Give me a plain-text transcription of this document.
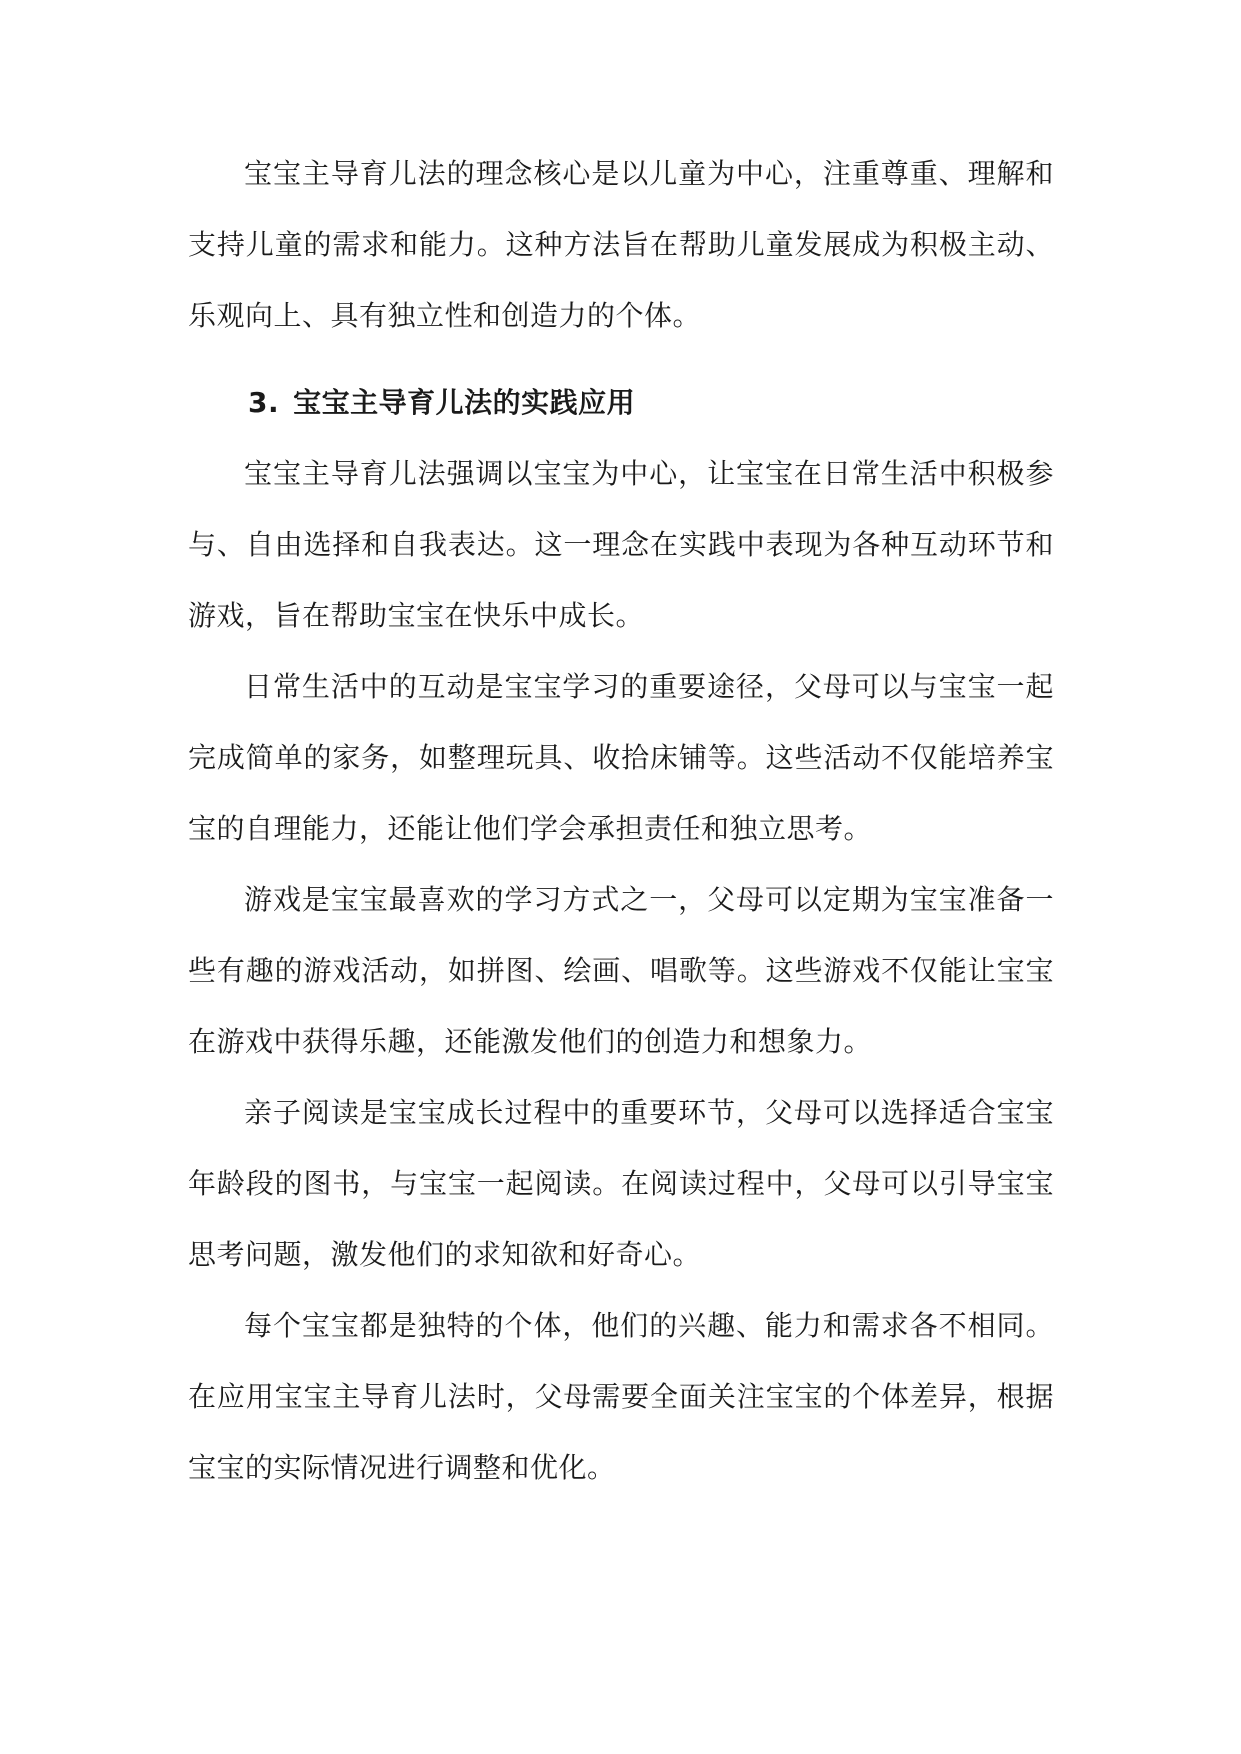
宝宝主导育儿法的理念核心是以儿童为中心，注重尊重、理解和支持儿童的需求和能力。这种方法旨在帮助儿童发展成为积极主动、乐观向上、具有独立性和创造力的个体。

3. 宝宝主导育儿法的实践应用

宝宝主导育儿法强调以宝宝为中心，让宝宝在日常生活中积极参与、自由选择和自我表达。这一理念在实践中表现为各种互动环节和游戏，旨在帮助宝宝在快乐中成长。

日常生活中的互动是宝宝学习的重要途径，父母可以与宝宝一起完成简单的家务，如整理玩具、收拾床铺等。这些活动不仅能培养宝宝的自理能力，还能让他们学会承担责任和独立思考。

游戏是宝宝最喜欢的学习方式之一，父母可以定期为宝宝准备一些有趣的游戏活动，如拼图、绘画、唱歌等。这些游戏不仅能让宝宝在游戏中获得乐趣，还能激发他们的创造力和想象力。

亲子阅读是宝宝成长过程中的重要环节，父母可以选择适合宝宝年龄段的图书，与宝宝一起阅读。在阅读过程中，父母可以引导宝宝思考问题，激发他们的求知欲和好奇心。

每个宝宝都是独特的个体，他们的兴趣、能力和需求各不相同。在应用宝宝主导育儿法时，父母需要全面关注宝宝的个体差异，根据宝宝的实际情况进行调整和优化。
